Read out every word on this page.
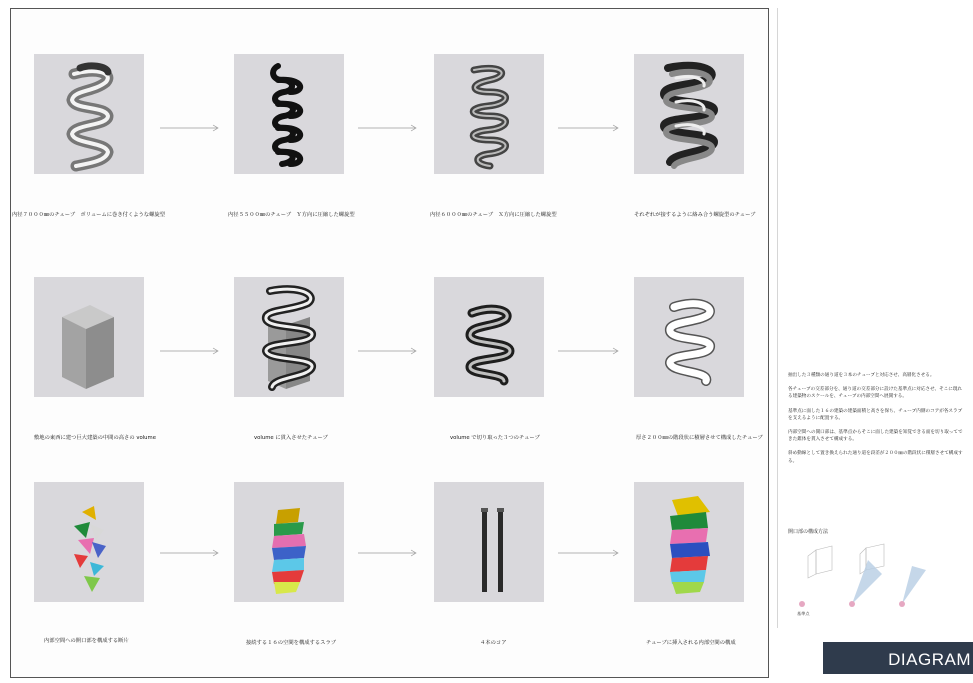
内径７０００㎜のチューブ　ボリュームに巻き付くような螺旋型	内径５５００㎜のチューブ　Ｙ方向に圧縮した螺旋型	内径６０００㎜のチューブ　Ｘ方向に圧縮した螺旋型	それぞれが接するように絡み合う螺旋型のチューブ
敷地の東西に建つ巨大建築の中間の高さの volume	volume に貫入させたチューブ	volume で切り取った３つのチューブ	厚さ２００㎜の階段状に積層させて構成したチューブ
内部空間への開口部を構成する断片	接続する１６の空間を構成するスラブ	４本のコア	チューブに挿入される内部空間の構成

抽出した３種類の通り道を３本のチューブと対応させ、高層化させる。

各チューブの交差部分を、通り道の交差部分に設けた基準点に対応させ、そこに現れる建築物のスケールを、チューブの内部空間へ展開する。

基準点に面した１６の建築の建築面積と高さを保ち、チューブ内側のコアが各スラブを支えるように配置する。

内部空間への開口部は、基準点からそこに面した建築を知覚できる面を切り取ってできた錐体を貫入させて構成する。

斜め動線として置き換えられた通り道を段差が２００㎜の階段状に積層させて構成する。

開口部の構成方法
基準点
DIAGRAM
